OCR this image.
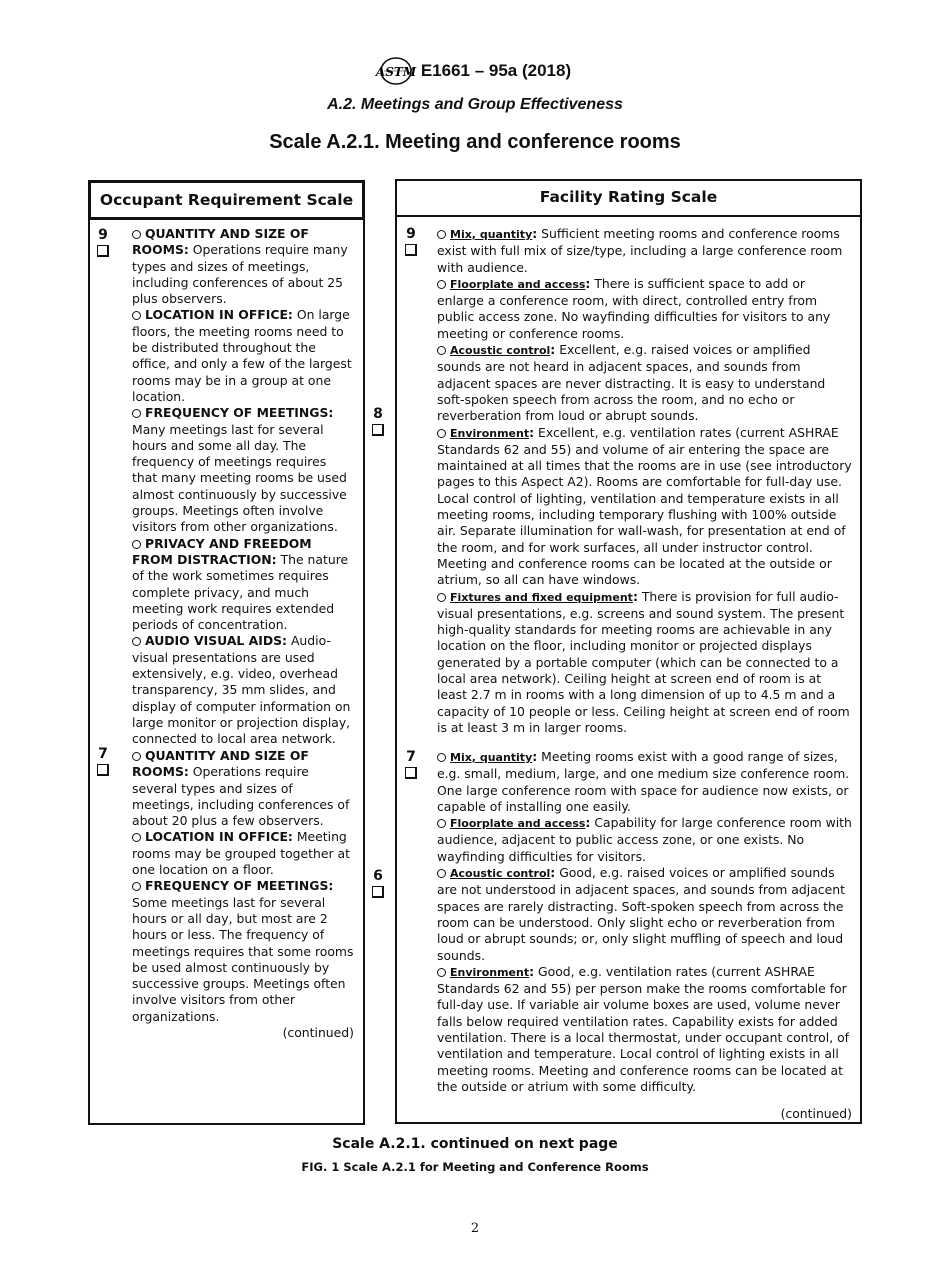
ASTM E1661 – 95a (2018)
A.2. Meetings and Group Effectiveness
Scale A.2.1. Meeting and conference rooms
Occupant Requirement Scale
9	QUANTITY AND SIZE OF ROOMS: Operations require many types and sizes of meetings, including conferences of about 25 plus observers.

LOCATION IN OFFICE: On large floors, the meeting rooms need to be distributed throughout the office, and only a few of the largest rooms may be in a group at one location.

FREQUENCY OF MEETINGS: Many meetings last for several hours and some all day. The frequency of meetings requires that many meeting rooms be used almost continuously by successive groups. Meetings often involve visitors from other organizations.

PRIVACY AND FREEDOM FROM DISTRACTION: The nature of the work sometimes requires complete privacy, and much meeting work requires extended periods of concentration.

AUDIO VISUAL AIDS: Audio-visual presentations are used extensively, e.g. video, overhead transparency, 35 mm slides, and display of computer information on large monitor or projection display, connected to local area network.

7	QUANTITY AND SIZE OF ROOMS: Operations require several types and sizes of meetings, including conferences of about 20 plus a few observers.

LOCATION IN OFFICE: Meeting rooms may be grouped together at one location on a floor.

FREQUENCY OF MEETINGS: Some meetings last for several hours or all day, but most are 2 hours or less. The frequency of meetings requires that some rooms be used almost continuously by successive groups. Meetings often involve visitors from other organizations.

(continued)

8
6
Facility Rating Scale
9	Mix, quantity: Sufficient meeting rooms and conference rooms exist with full mix of size/type, including a large conference room with audience.

Floorplate and access: There is sufficient space to add or enlarge a conference room, with direct, controlled entry from public access zone. No wayfinding difficulties for visitors to any meeting or conference rooms.

Acoustic control: Excellent, e.g. raised voices or amplified sounds are not heard in adjacent spaces, and sounds from adjacent spaces are never distracting. It is easy to understand soft-spoken speech from across the room, and no echo or reverberation from loud or abrupt sounds.

Environment: Excellent, e.g. ventilation rates (current ASHRAE Standards 62 and 55) and volume of air entering the space are maintained at all times that the rooms are in use (see introductory pages to this Aspect A2). Rooms are comfortable for full-day use. Local control of lighting, ventilation and temperature exists in all meeting rooms, including temporary flushing with 100% outside air. Separate illumination for wall-wash, for presentation at end of the room, and for work surfaces, all under instructor control. Meeting and conference rooms can be located at the outside or atrium, so all can have windows.

Fixtures and fixed equipment: There is provision for full audio-visual presentations, e.g. screens and sound system. The present high-quality standards for meeting rooms are achievable in any location on the floor, including monitor or projected displays generated by a portable computer (which can be connected to a local area network). Ceiling height at screen end of room is at least 2.7 m in rooms with a long dimension of up to 4.5 m and a capacity of 10 people or less. Ceiling height at screen end of room is at least 3 m in larger rooms.

7	Mix, quantity: Meeting rooms exist with a good range of sizes, e.g. small, medium, large, and one medium size conference room. One large conference room with space for audience now exists, or capable of installing one easily.

Floorplate and access: Capability for large conference room with audience, adjacent to public access zone, or one exists. No wayfinding difficulties for visitors.

Acoustic control: Good, e.g. raised voices or amplified sounds are not understood in adjacent spaces, and sounds from adjacent spaces are rarely distracting. Soft-spoken speech from across the room can be understood. Only slight echo or reverberation from loud or abrupt sounds; or, only slight muffling of speech and loud sounds.

Environment: Good, e.g. ventilation rates (current ASHRAE Standards 62 and 55) per person make the rooms comfortable for full-day use. If variable air volume boxes are used, volume never falls below required ventilation rates. Capability exists for added ventilation. There is a local thermostat, under occupant control, of ventilation and temperature. Local control of lighting exists in all meeting rooms. Meeting and conference rooms can be located at the outside or atrium with some difficulty.

(continued)
Scale A.2.1. continued on next page
FIG. 1 Scale A.2.1 for Meeting and Conference Rooms
2
